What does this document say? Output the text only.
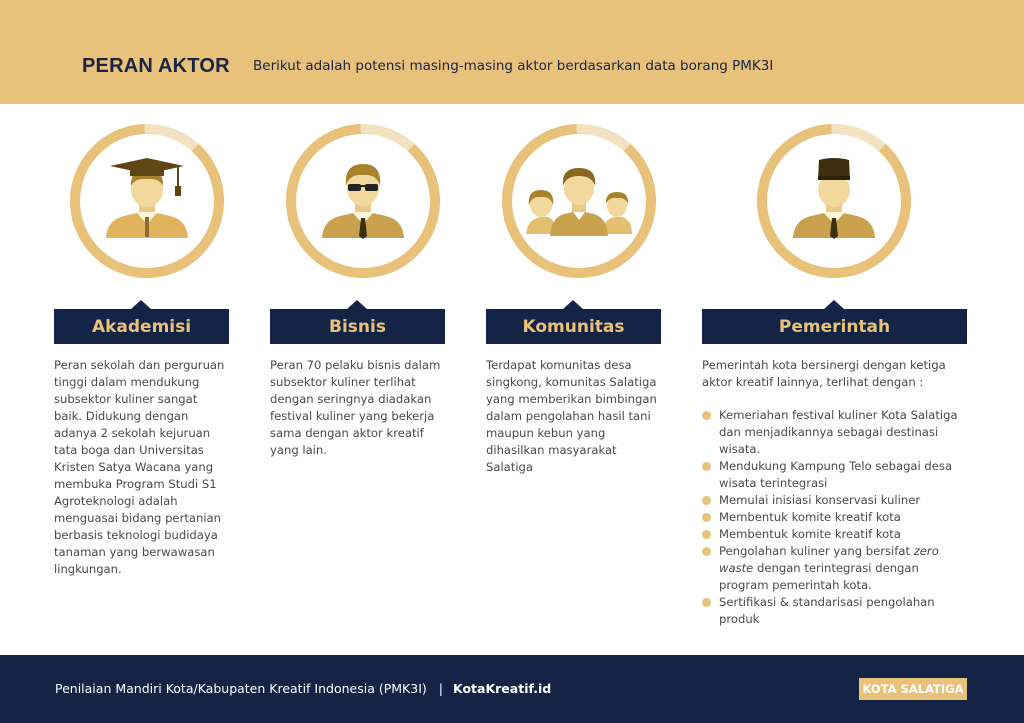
PERAN AKTOR Berikut adalah potensi masing-masing aktor berdasarkan data borang PMK3I
Akademisi	Bisnis	Komunitas	Pemerintah
Peran sekolah dan perguruan tinggi dalam mendukung subsektor kuliner sangat baik. Didukung dengan adanya 2 sekolah kejuruan tata boga dan Universitas Kristen Satya Wacana yang membuka Program Studi S1 Agroteknologi adalah menguasai bidang pertanian berbasis teknologi budidaya tanaman yang berwawasan lingkungan.
Peran 70 pelaku bisnis dalam subsektor kuliner terlihat dengan seringnya diadakan festival kuliner yang bekerja sama dengan aktor kreatif yang lain.
Terdapat komunitas desa singkong, komunitas Salatiga yang memberikan bimbingan dalam pengolahan hasil tani maupun kebun yang dihasilkan masyarakat Salatiga
Pemerintah kota bersinergi dengan ketiga aktor kreatif lainnya, terlihat dengan :
Kemeriahan festival kuliner Kota Salatiga dan menjadikannya sebagai destinasi wisata.
Mendukung Kampung Telo sebagai desa wisata terintegrasi
Memulai inisiasi konservasi kuliner
Membentuk komite kreatif kota
Membentuk komite kreatif kota
Pengolahan kuliner yang bersifat zero waste dengan terintegrasi dengan program pemerintah kota.
Sertifikasi & standarisasi pengolahan produk
Penilaian Mandiri Kota/Kabupaten Kreatif Indonesia (PMK3I) | KotaKreatif.id	KOTA SALATIGA
